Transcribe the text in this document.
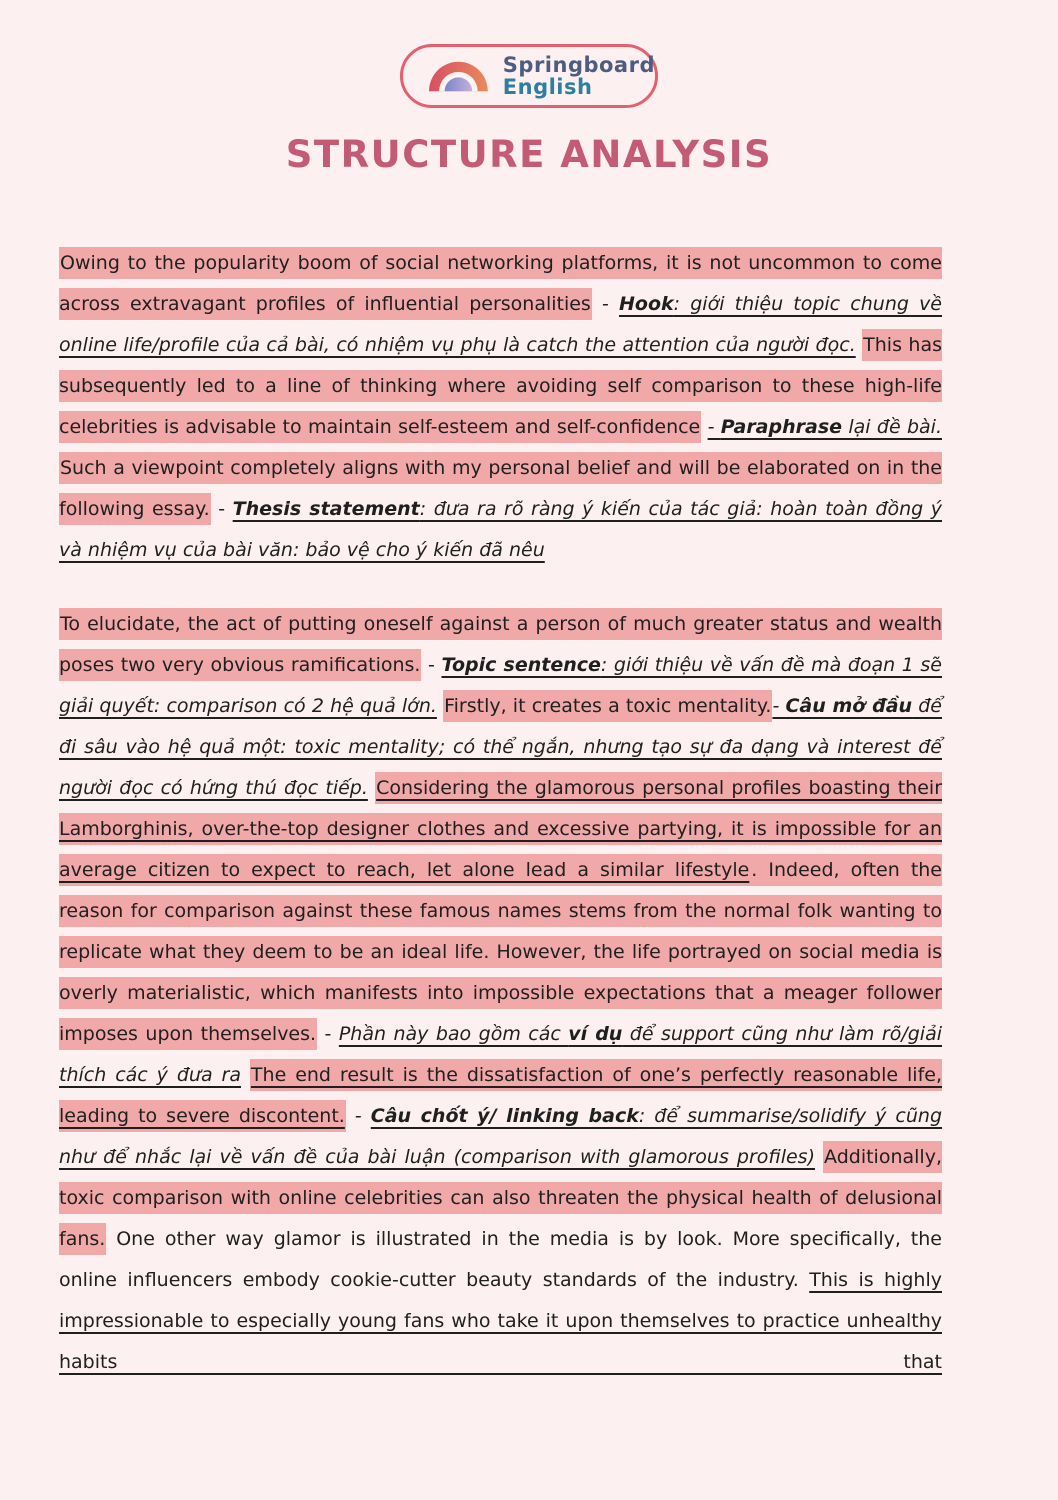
Springboard
English
STRUCTURE ANALYSIS

Owing to the popularity boom of social networking platforms, it is not uncommon to come across extravagant profiles of influential personalities - Hook: giới thiệu topic chung về online life/profile của cả bài, có nhiệm vụ phụ là catch the attention của người đọc. This has subsequently led to a line of thinking where avoiding self comparison to these high-life celebrities is advisable to maintain self-esteem and self-confidence - Paraphrase lại đề bài. Such a viewpoint completely aligns with my personal belief and will be elaborated on in the following essay. - Thesis statement: đưa ra rõ ràng ý kiến của tác giả: hoàn toàn đồng ý và nhiệm vụ của bài văn: bảo vệ cho ý kiến đã nêu

To elucidate, the act of putting oneself against a person of much greater status and wealth poses two very obvious ramifications. - Topic sentence: giới thiệu về vấn đề mà đoạn 1 sẽ giải quyết: comparison có 2 hệ quả lớn. Firstly, it creates a toxic mentality.- Câu mở đầu để đi sâu vào hệ quả một: toxic mentality; có thể ngắn, nhưng tạo sự đa dạng và interest để người đọc có hứng thú đọc tiếp. Considering the glamorous personal profiles boasting their Lamborghinis, over-the-top designer clothes and excessive partying, it is impossible for an average citizen to expect to reach, let alone lead a similar lifestyle . Indeed, often the reason for comparison against these famous names stems from the normal folk wanting to replicate what they deem to be an ideal life. However, the life portrayed on social media is overly materialistic, which manifests into impossible expectations that a meager follower imposes upon themselves. - Phần này bao gồm các ví dụ để support cũng như làm rõ/giải thích các ý đưa ra The end result is the dissatisfaction of one’s perfectly reasonable life, leading to severe discontent. - Câu chốt ý/ linking back: để summarise/solidify ý cũng như để nhắc lại về vấn đề của bài luận (comparison with glamorous profiles) Additionally, toxic comparison with online celebrities can also threaten the physical health of delusional fans. One other way glamor is illustrated in the media is by look. More specifically, the online influencers embody cookie-cutter beauty standards of the industry. This is highly impressionable to especially young fans who take it upon themselves to practice unhealthy habits that
